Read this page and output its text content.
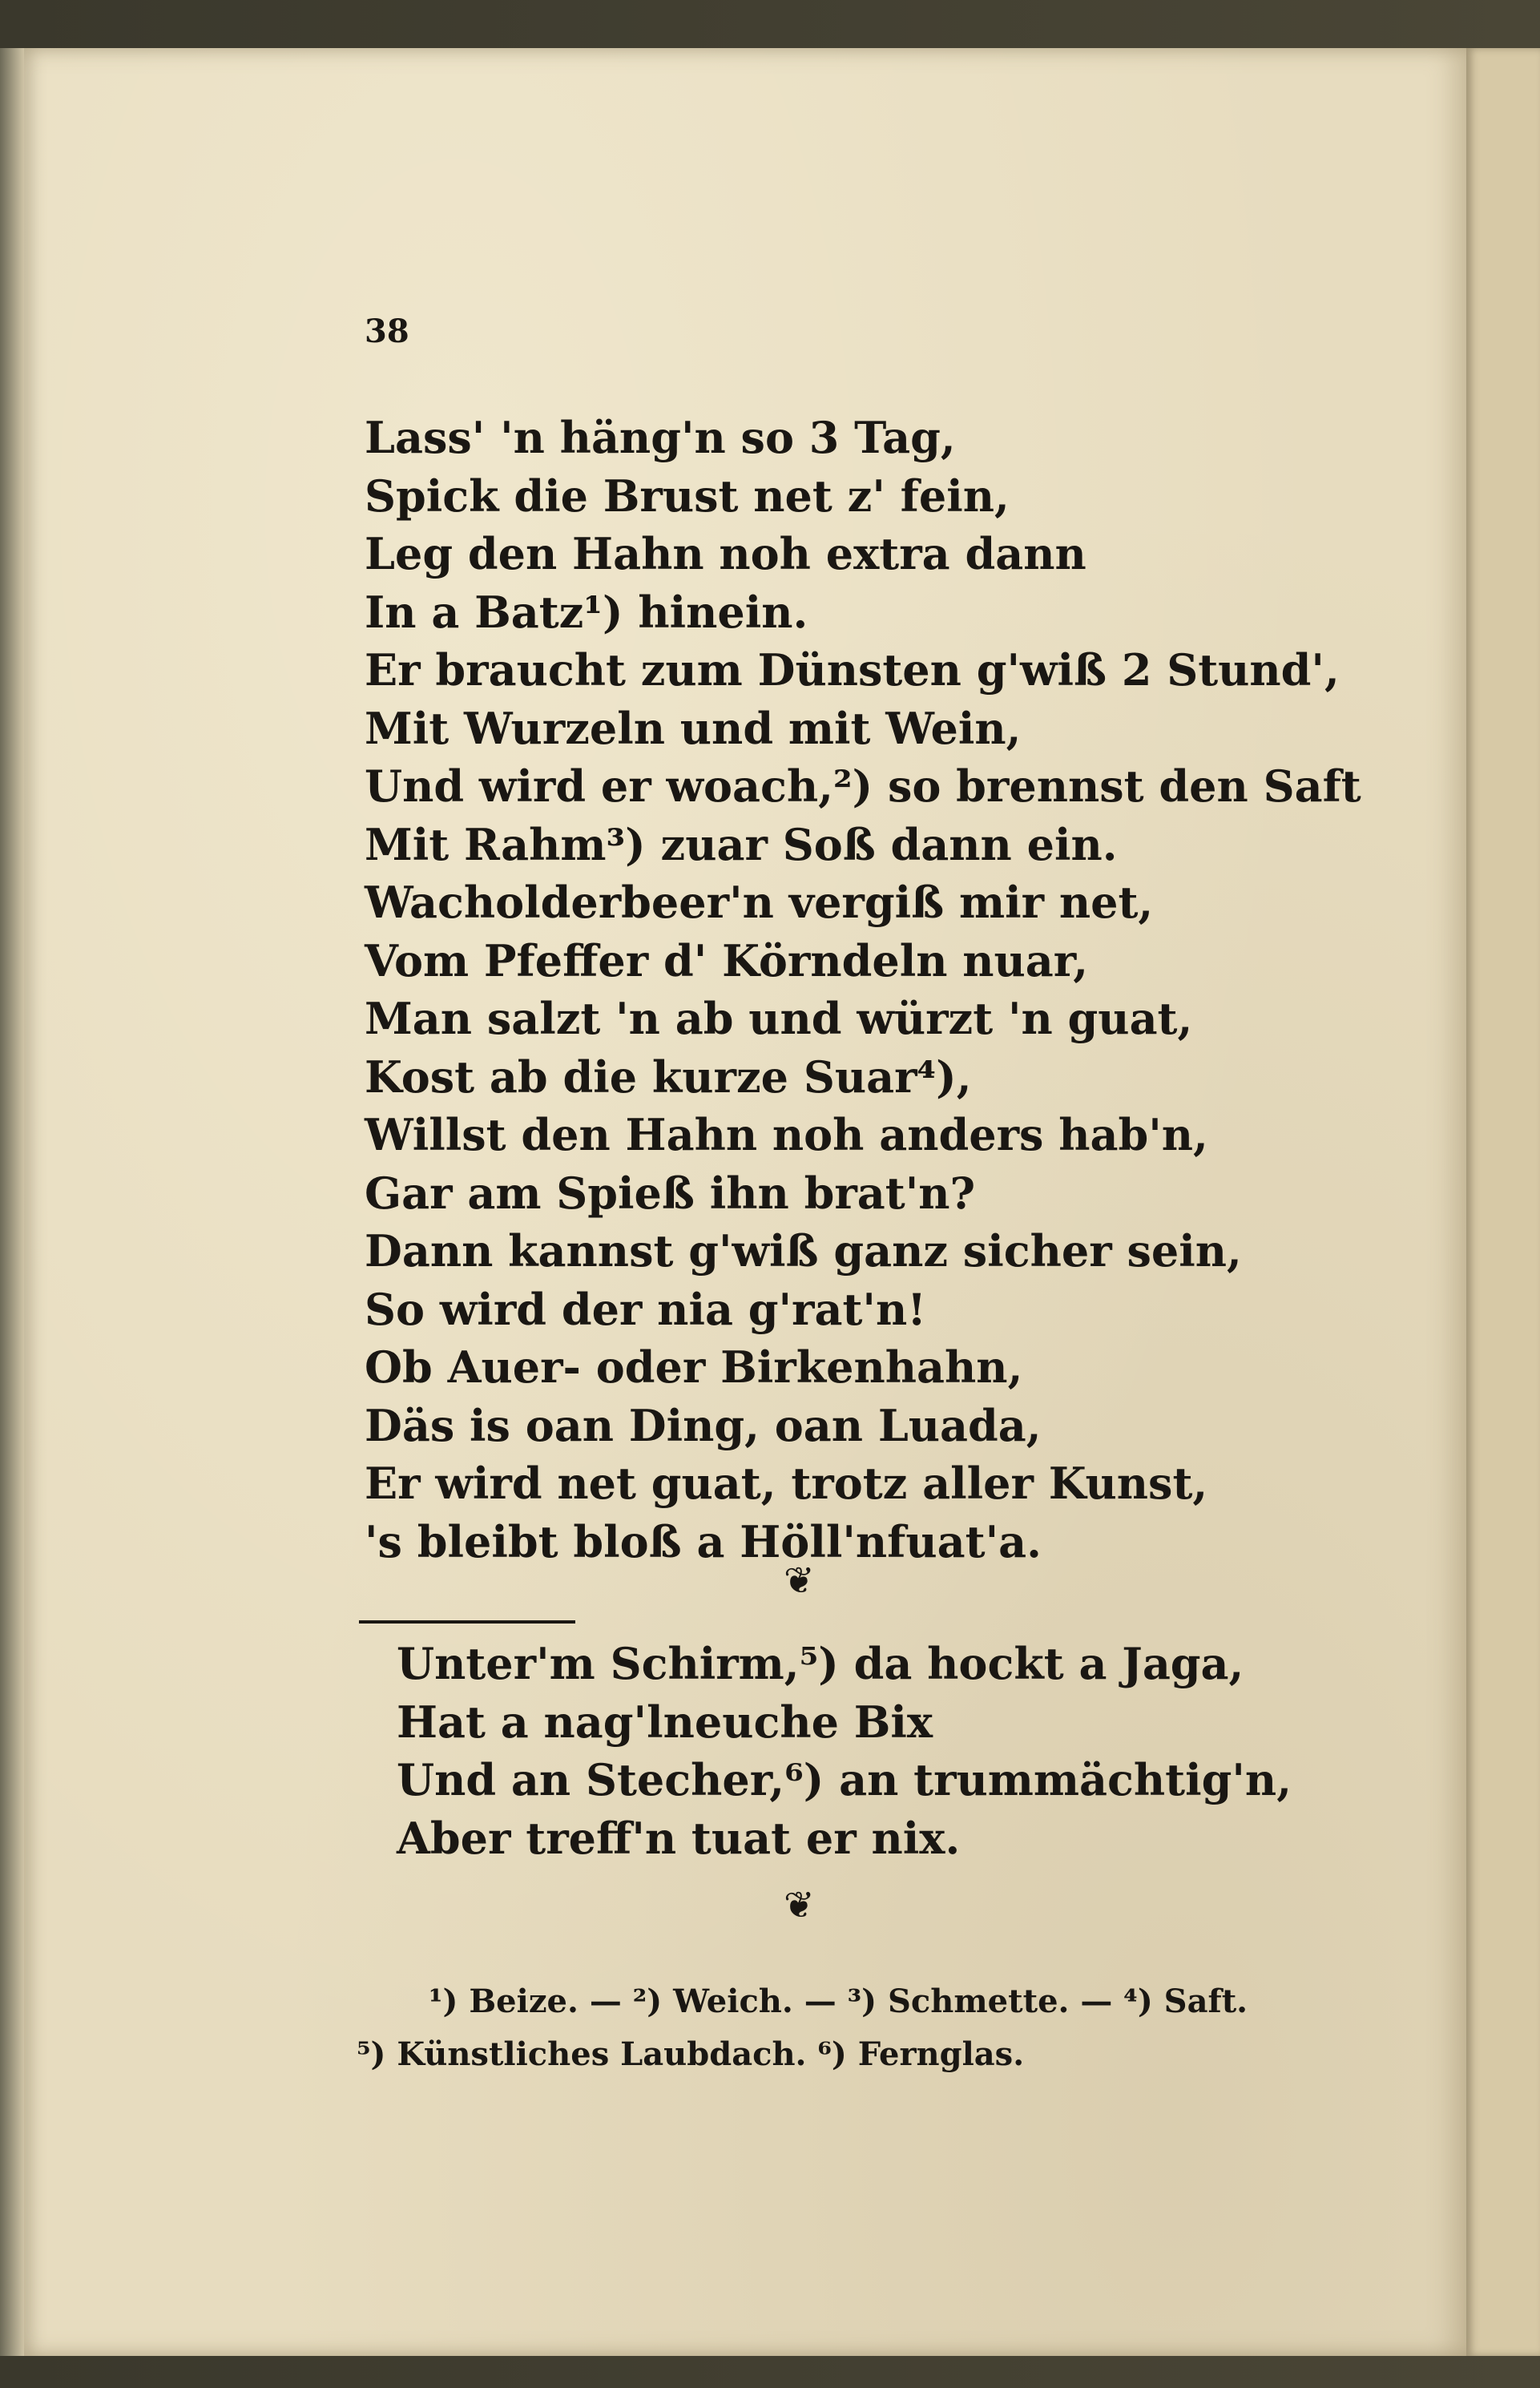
38
Lass' 'n häng'n so 3 Tag,
Spick die Brust net z' fein,
Leg den Hahn noh extra dann
In a Batz¹) hinein.
Er braucht zum Dünsten g'wiß 2 Stund',
Mit Wurzeln und mit Wein,
Und wird er woach,²) so brennst den Saft
Mit Rahm³) zuar Soß dann ein.
Wacholderbeer'n vergiß mir net,
Vom Pfeffer d' Körndeln nuar,
Man salzt 'n ab und würzt 'n guat,
Kost ab die kurze Suar⁴),
Willst den Hahn noh anders hab'n,
Gar am Spieß ihn brat'n?
Dann kannst g'wiß ganz sicher sein,
So wird der nia g'rat'n!
Ob Auer- oder Birkenhahn,
Däs is oan Ding, oan Luada,
Er wird net guat, trotz aller Kunst,
's bleibt bloß a Höll'nfuat'a.
❦
Unter'm Schirm,⁵) da hockt a Jaga,
Hat a nag'lneuche Bix
Und an Stecher,⁶) an trummächtig'n,
Aber treff'n tuat er nix.
❦
¹) Beize. — ²) Weich. — ³) Schmette. — ⁴) Saft.
⁵) Künstliches Laubdach. ⁶) Fernglas.
